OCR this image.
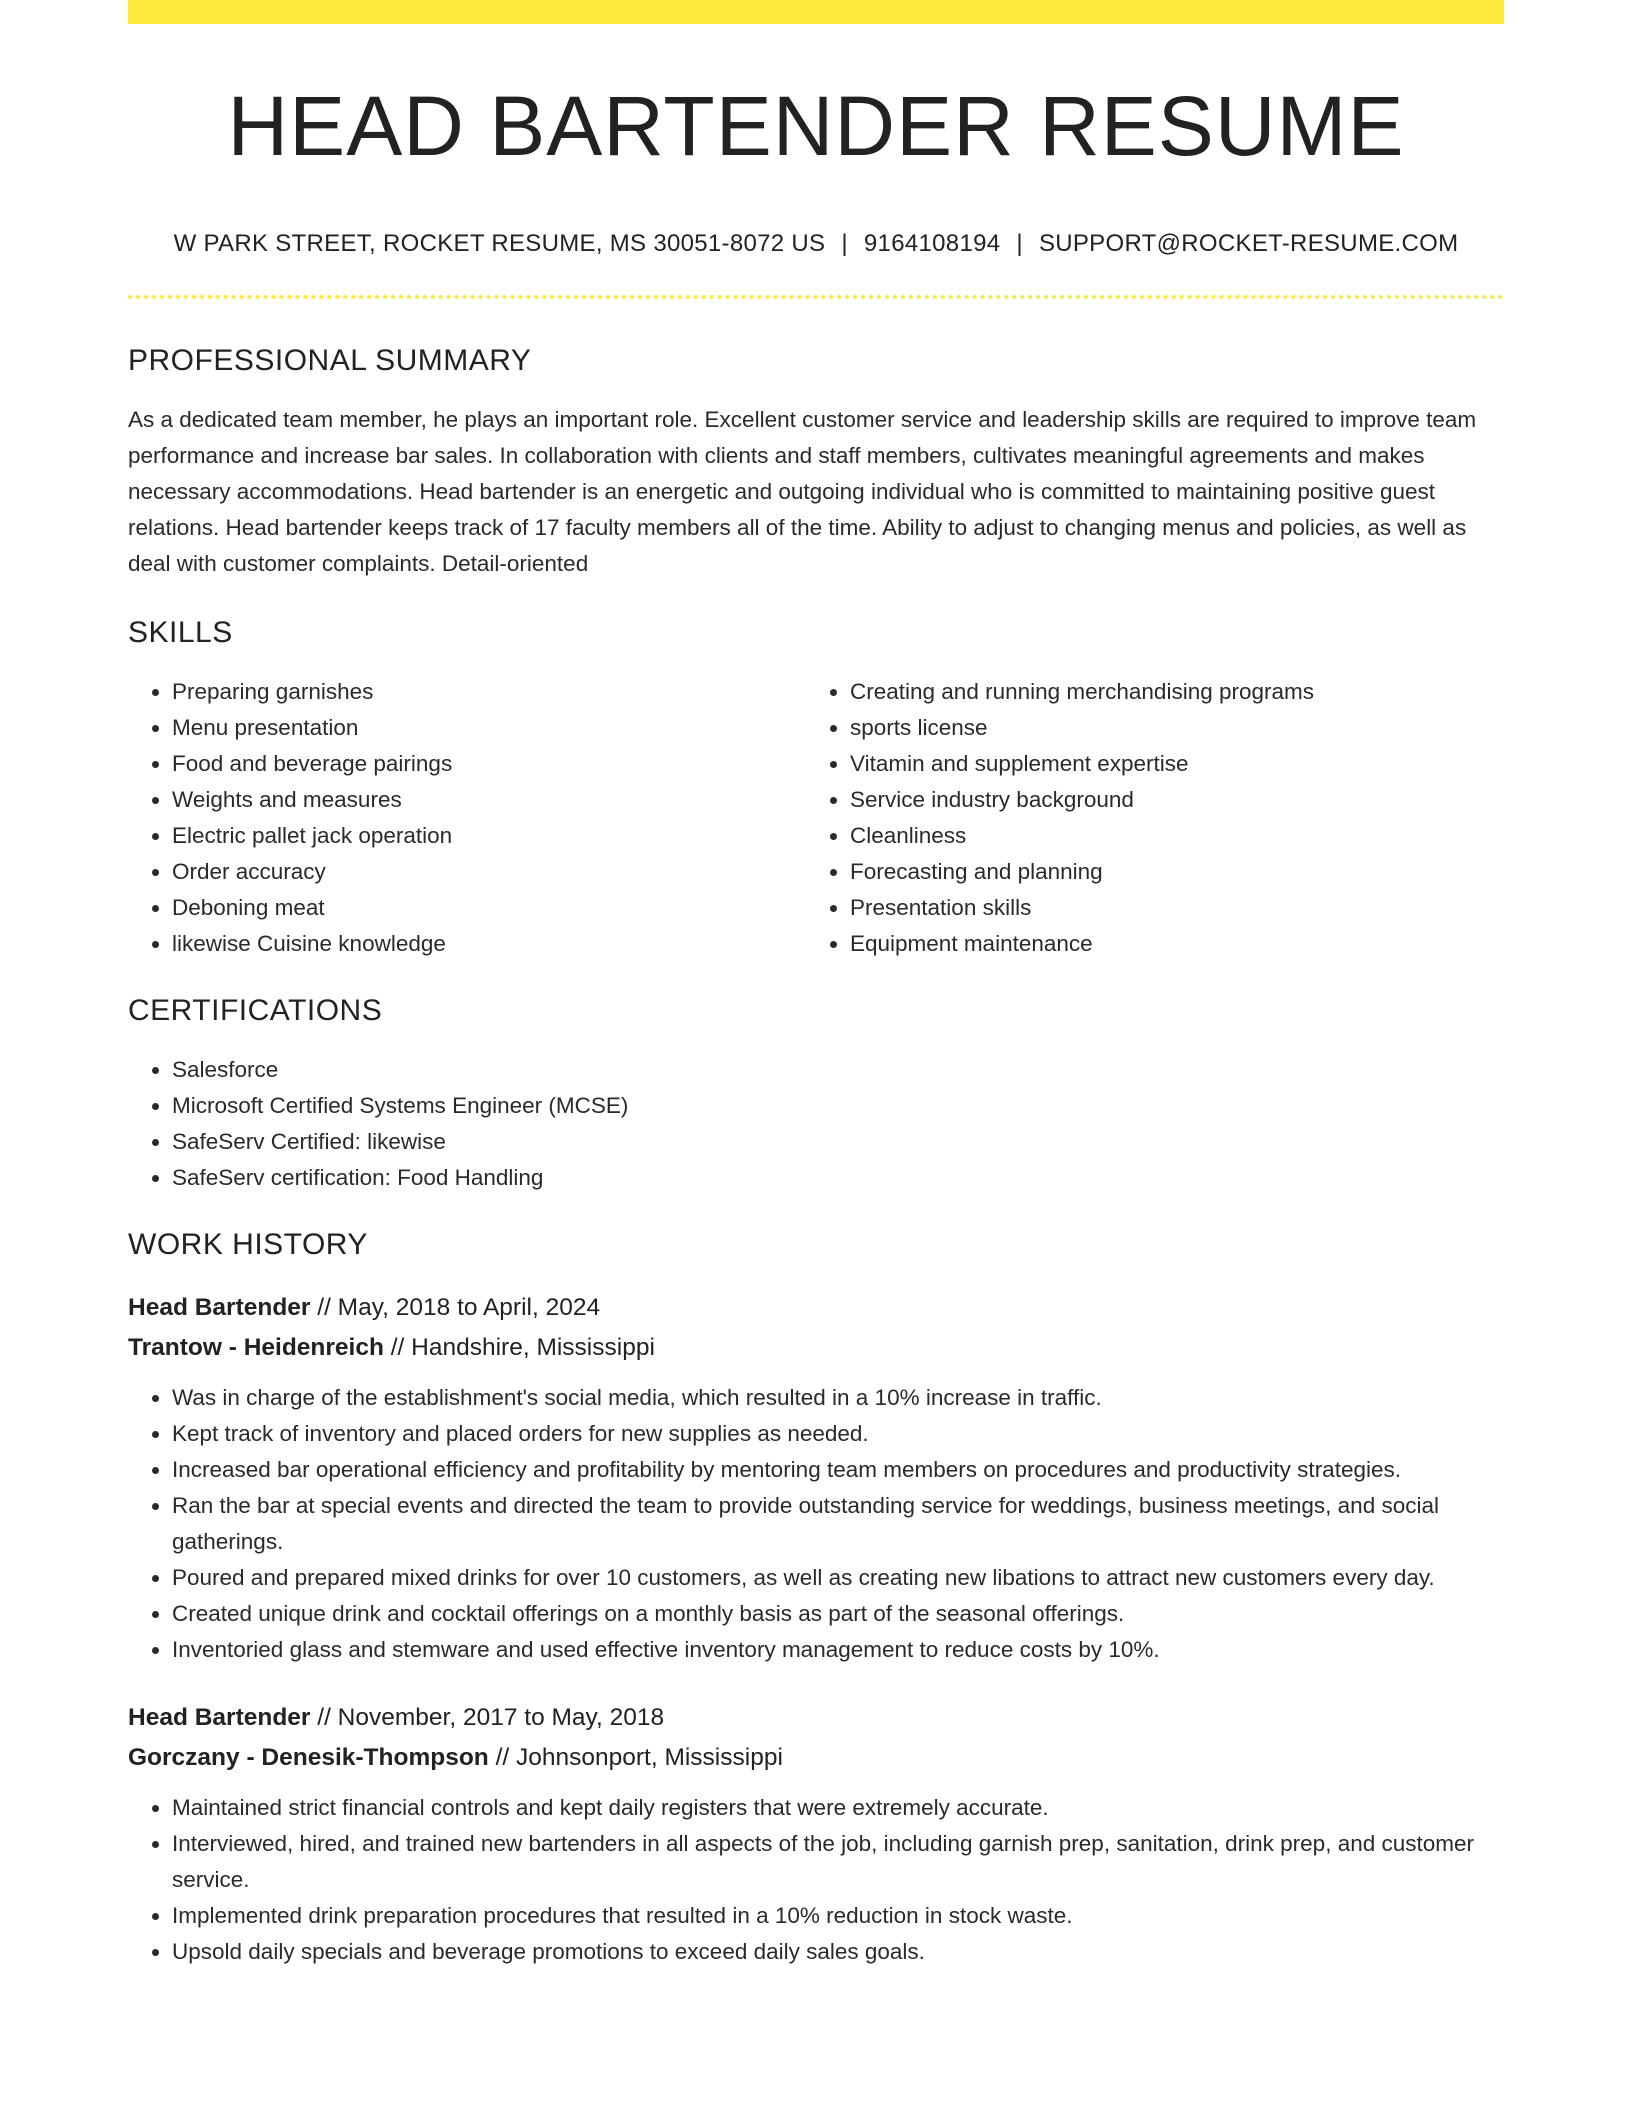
HEAD BARTENDER RESUME
W PARK STREET, ROCKET RESUME, MS 30051-8072 US | 9164108194 | SUPPORT@ROCKET-RESUME.COM
PROFESSIONAL SUMMARY
As a dedicated team member, he plays an important role. Excellent customer service and leadership skills are required to improve team performance and increase bar sales. In collaboration with clients and staff members, cultivates meaningful agreements and makes necessary accommodations. Head bartender is an energetic and outgoing individual who is committed to maintaining positive guest relations. Head bartender keeps track of 17 faculty members all of the time. Ability to adjust to changing menus and policies, as well as deal with customer complaints. Detail-oriented
SKILLS
• Preparing garnishes
• Menu presentation
• Food and beverage pairings
• Weights and measures
• Electric pallet jack operation
• Order accuracy
• Deboning meat
• likewise Cuisine knowledge
• Creating and running merchandising programs
• sports license
• Vitamin and supplement expertise
• Service industry background
• Cleanliness
• Forecasting and planning
• Presentation skills
• Equipment maintenance
CERTIFICATIONS
• Salesforce
• Microsoft Certified Systems Engineer (MCSE)
• SafeServ Certified: likewise
• SafeServ certification: Food Handling
WORK HISTORY
Head Bartender // May, 2018 to April, 2024
Trantow - Heidenreich // Handshire, Mississippi
• Was in charge of the establishment's social media, which resulted in a 10% increase in traffic.
• Kept track of inventory and placed orders for new supplies as needed.
• Increased bar operational efficiency and profitability by mentoring team members on procedures and productivity strategies.
• Ran the bar at special events and directed the team to provide outstanding service for weddings, business meetings, and social gatherings.
• Poured and prepared mixed drinks for over 10 customers, as well as creating new libations to attract new customers every day.
• Created unique drink and cocktail offerings on a monthly basis as part of the seasonal offerings.
• Inventoried glass and stemware and used effective inventory management to reduce costs by 10%.
Head Bartender // November, 2017 to May, 2018
Gorczany - Denesik-Thompson // Johnsonport, Mississippi
• Maintained strict financial controls and kept daily registers that were extremely accurate.
• Interviewed, hired, and trained new bartenders in all aspects of the job, including garnish prep, sanitation, drink prep, and customer service.
• Implemented drink preparation procedures that resulted in a 10% reduction in stock waste.
• Upsold daily specials and beverage promotions to exceed daily sales goals.
